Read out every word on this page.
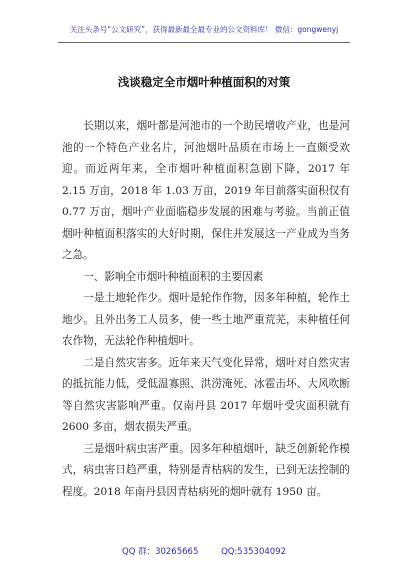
关注头条号“公文研究”，获得最新最全最专业的公文资料库！ 微信：gongwenyj
浅谈稳定全市烟叶种植面积的对策

长期以来，烟叶都是河池市的一个助民增收产业，也是河池的一个特色产业名片，河池烟叶品质在市场上一直颇受欢迎。而近两年来，全市烟叶种植面积急剧下降，2017 年 2.15 万亩，2018 年 1.03 万亩，2019 年目前落实面积仅有 0.77 万亩，烟叶产业面临稳步发展的困难与考验。当前正值烟叶种植面积落实的大好时期，保住并发展这一产业成为当务之急。

一、影响全市烟叶种植面积的主要因素

一是土地轮作少。烟叶是轮作作物，因多年种植，轮作土地少。且外出务工人员多，使一些土地严重荒芜，耒种植任何农作物，无法轮作种植烟叶。

二是自然灾害多。近年来天气变化异常，烟叶对自然灾害的抵抗能力低，受低温寡照、洪涝淹死、冰雹击坏、大风吹断等自然灾害影响严重。仅南丹县 2017 年烟叶受灾面积就有 2600 多亩，烟农损失严重。

三是烟叶病虫害严重。因多年种植烟叶，缺乏创新轮作模式，病虫害日趋严重，特别是青枯病的发生，已到无法控制的程度。2018 年南丹县因青枯病死的烟叶就有 1950 亩。

QQ 群：30265665	QQ:535304092
